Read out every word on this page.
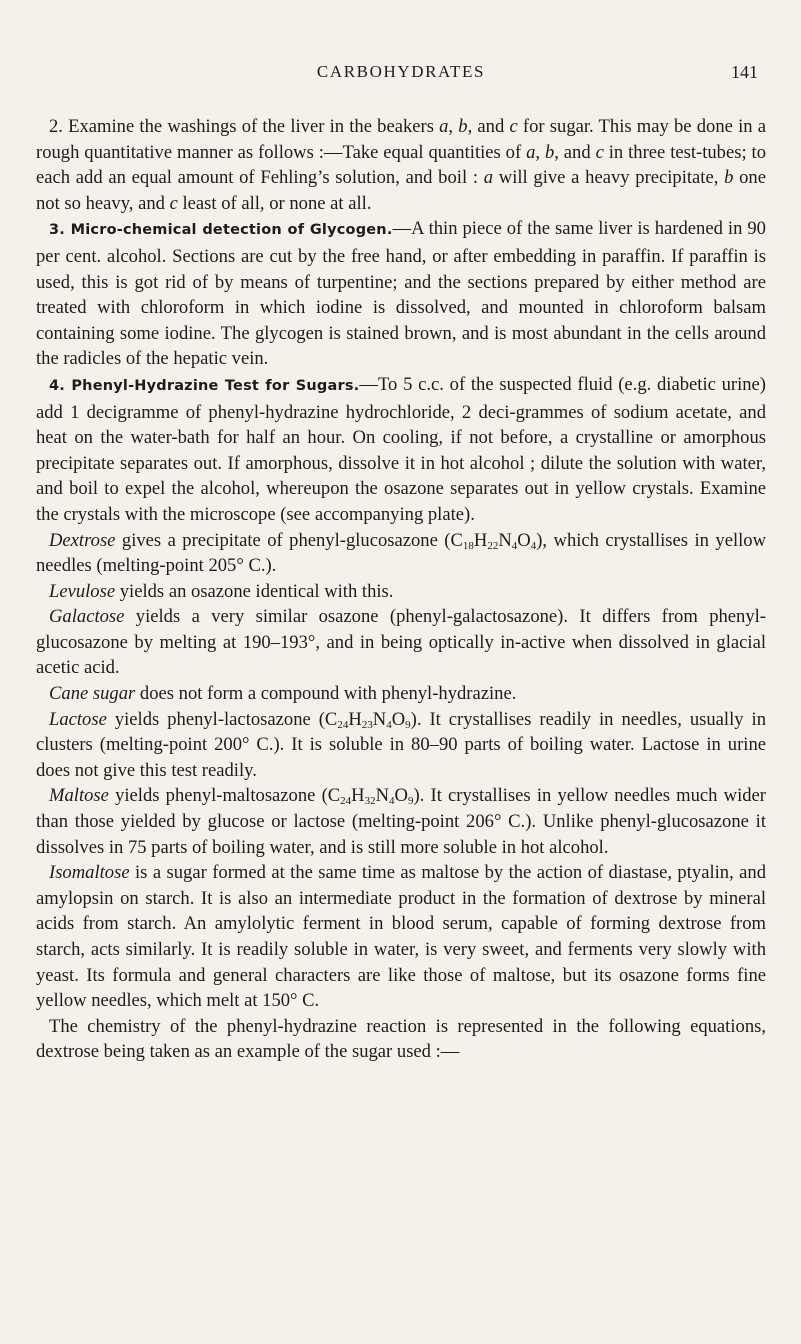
CARBOHYDRATES	141

2. Examine the washings of the liver in the beakers a, b, and c for sugar. This may be done in a rough quantitative manner as follows :—Take equal quantities of a, b, and c in three test-tubes; to each add an equal amount of Fehling’s solution, and boil : a will give a heavy precipitate, b one not so heavy, and c least of all, or none at all.

3. Micro-chemical detection of Glycogen.—A thin piece of the same liver is hardened in 90 per cent. alcohol. Sections are cut by the free hand, or after embedding in paraffin. If paraffin is used, this is got rid of by means of turpentine; and the sections prepared by either method are treated with chloroform in which iodine is dissolved, and mounted in chloroform balsam containing some iodine. The glycogen is stained brown, and is most abundant in the cells around the radicles of the hepatic vein.

4. Phenyl-Hydrazine Test for Sugars.—To 5 c.c. of the suspected fluid (e.g. diabetic urine) add 1 decigramme of phenyl-hydrazine hydrochloride, 2 deci-grammes of sodium acetate, and heat on the water-bath for half an hour. On cooling, if not before, a crystalline or amorphous precipitate separates out. If amorphous, dissolve it in hot alcohol ; dilute the solution with water, and boil to expel the alcohol, whereupon the osazone separates out in yellow crystals. Examine the crystals with the microscope (see accompanying plate).

Dextrose gives a precipitate of phenyl-glucosazone $(C_{18}H_{22}N_4O_4)$, which crystallises in yellow needles (melting-point 205° C.).

Levulose yields an osazone identical with this.

Galactose yields a very similar osazone (phenyl-galactosazone). It differs from phenyl-glucosazone by melting at 190–193°, and in being optically in-active when dissolved in glacial acetic acid.

Cane sugar does not form a compound with phenyl-hydrazine.

Lactose yields phenyl-lactosazone $(C_{24}H_{23}N_4O_9)$. It crystallises readily in needles, usually in clusters (melting-point 200° C.). It is soluble in 80–90 parts of boiling water. Lactose in urine does not give this test readily.

Maltose yields phenyl-maltosazone $(C_{24}H_{32}N_4O_9)$. It crystallises in yellow needles much wider than those yielded by glucose or lactose (melting-point 206° C.). Unlike phenyl-glucosazone it dissolves in 75 parts of boiling water, and is still more soluble in hot alcohol.

Isomaltose is a sugar formed at the same time as maltose by the action of diastase, ptyalin, and amylopsin on starch. It is also an intermediate product in the formation of dextrose by mineral acids from starch. An amylolytic ferment in blood serum, capable of forming dextrose from starch, acts similarly. It is readily soluble in water, is very sweet, and ferments very slowly with yeast. Its formula and general characters are like those of maltose, but its osazone forms fine yellow needles, which melt at 150° C.

The chemistry of the phenyl-hydrazine reaction is represented in the following equations, dextrose being taken as an example of the sugar used :—
